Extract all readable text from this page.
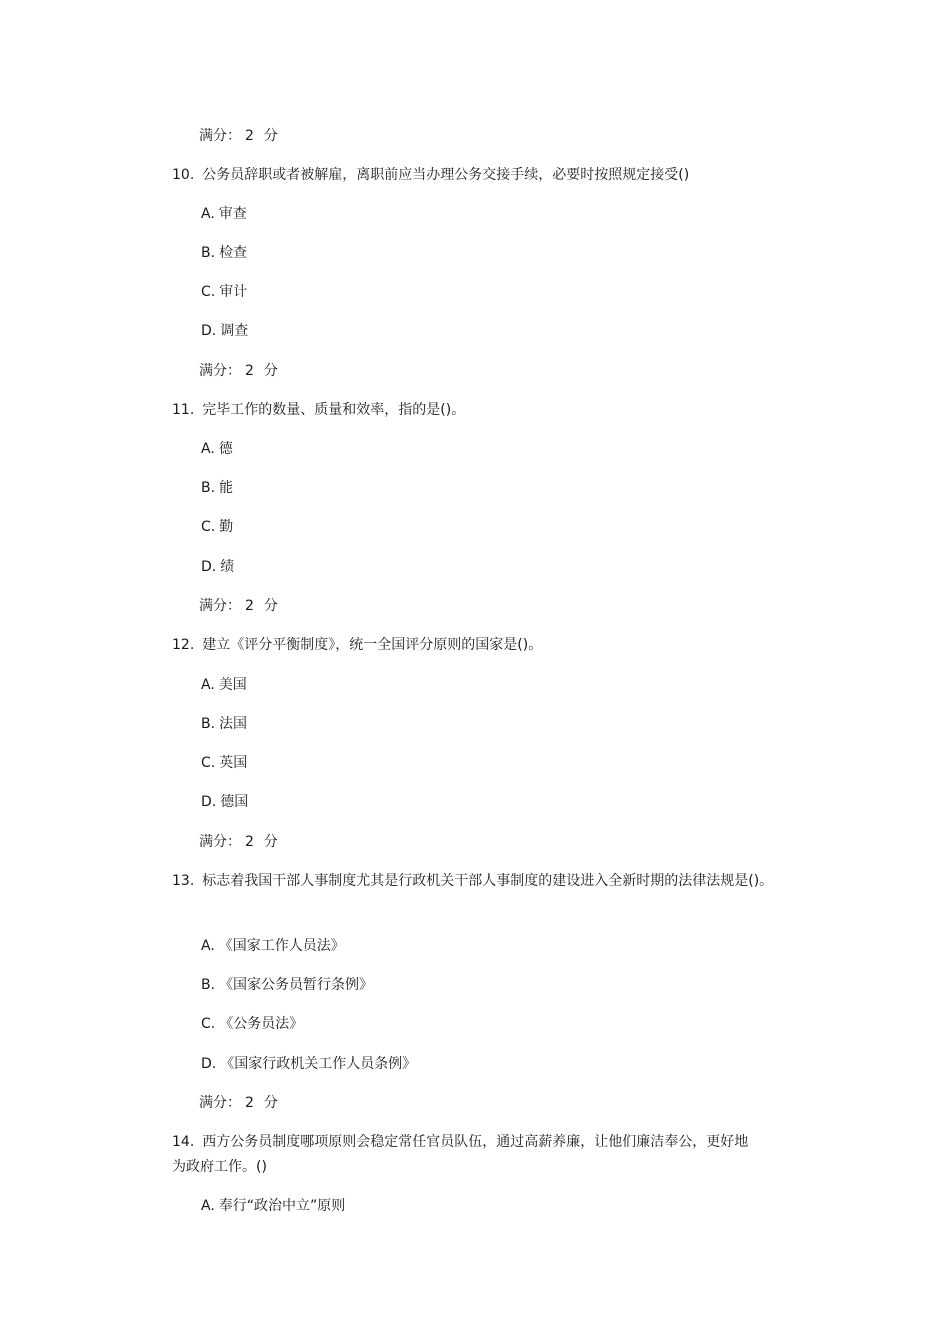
满分： 2 分
10. 公务员辞职或者被解雇，离职前应当办理公务交接手续，必要时按照规定接受()
A. 审查
B. 检查
C. 审计
D. 调查
满分： 2 分
11. 完毕工作的数量、质量和效率，指的是()。
A. 德
B. 能
C. 勤
D. 绩
满分： 2 分
12. 建立《评分平衡制度》，统一全国评分原则的国家是()。
A. 美国
B. 法国
C. 英国
D. 德国
满分： 2 分
13. 标志着我国干部人事制度尤其是行政机关干部人事制度的建设进入全新时期的法律法规是()。
A. 《国家工作人员法》
B. 《国家公务员暂行条例》
C. 《公务员法》
D. 《国家行政机关工作人员条例》
满分： 2 分
14. 西方公务员制度哪项原则会稳定常任官员队伍，通过高薪养廉，让他们廉洁奉公，更好地
为政府工作。()
A. 奉行“政治中立”原则
